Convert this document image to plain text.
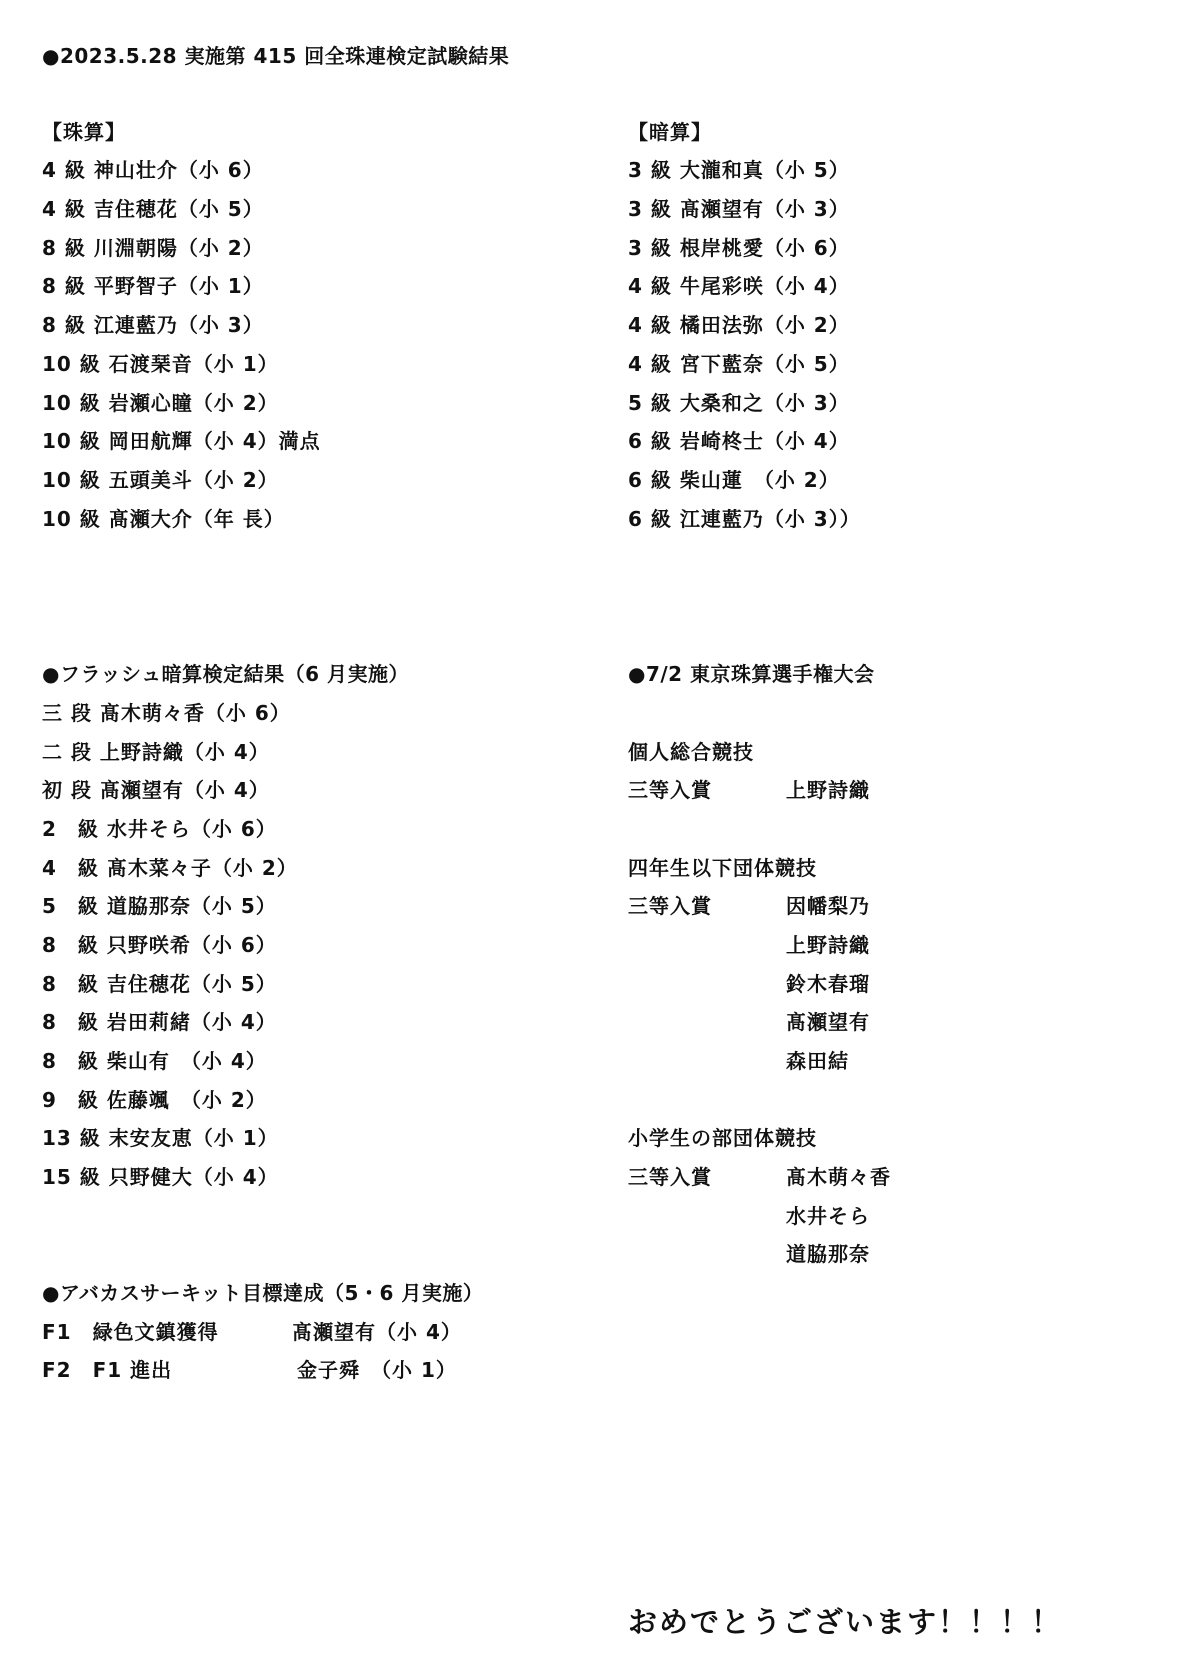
●2023.5.28 実施第 415 回全珠連検定試験結果
【珠算】
4 級 神山壮介（小 6）
4 級 吉住穂花（小 5）
8 級 川淵朝陽（小 2）
8 級 平野智子（小 1）
8 級 江連藍乃（小 3）
10 級 石渡琹音（小 1）
10 級 岩瀬心瞳（小 2）
10 級 岡田航輝（小 4）満点
10 級 五頭美斗（小 2）
10 級 髙瀬大介（年 長）
【暗算】
3 級 大瀧和真（小 5）
3 級 髙瀬望有（小 3）
3 級 根岸桃愛（小 6）
4 級 牛尾彩咲（小 4）
4 級 橘田法弥（小 2）
4 級 宮下藍奈（小 5）
5 級 大桑和之（小 3）
6 級 岩崎柊士（小 4）
6 級 柴山蓮　（小 2）
6 級 江連藍乃（小 3））
●フラッシュ暗算検定結果（6 月実施）
三 段 髙木萌々香（小 6）
二 段 上野詩織（小 4）
初 段 髙瀬望有（小 4）
2　級 水井そら（小 6）
4　級 髙木菜々子（小 2）
5　級 道脇那奈（小 5）
8　級 只野咲希（小 6）
8　級 吉住穂花（小 5）
8　級 岩田莉緒（小 4）
8　級 柴山有　（小 4）
9　級 佐藤颯　（小 2）
13 級 末安友恵（小 1）
15 級 只野健大（小 4）
●7/2 東京珠算選手権大会
個人総合競技
三等入賞	上野詩織
四年生以下団体競技
三等入賞	因幡梨乃
上野詩織
鈴木春瑠
髙瀬望有
森田結
小学生の部団体競技
三等入賞	髙木萌々香
水井そら
道脇那奈
●アバカスサーキット目標達成（5・6 月実施）
F1　緑色文鎮獲得	髙瀬望有（小 4）
F2　F1 進出	金子舜　（小 1）
おめでとうございます！！！！
